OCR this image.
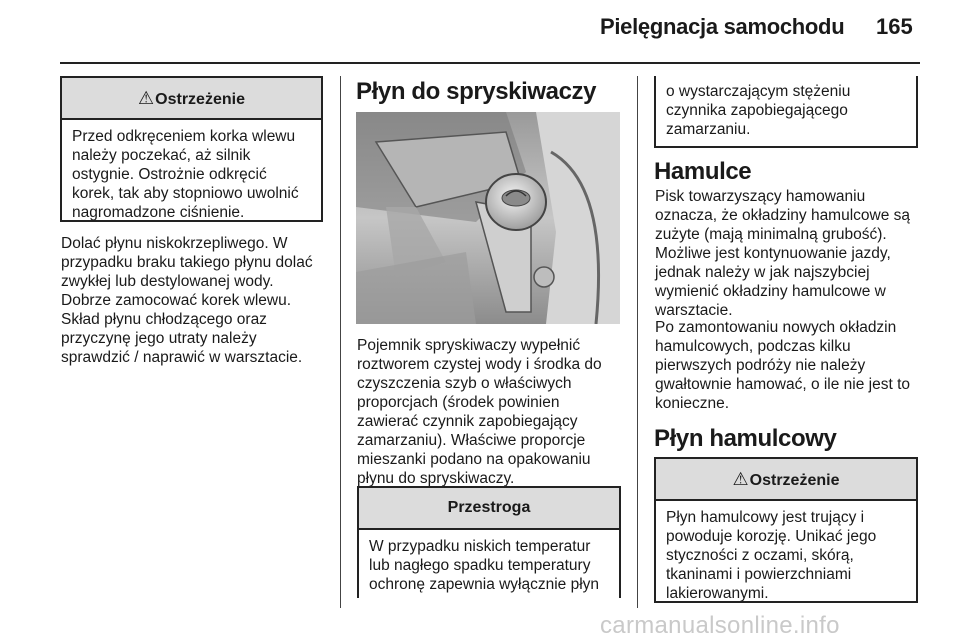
Pielęgnacja samochodu 165
⚠Ostrzeżenie
Przed odkręceniem korka wlewu
należy poczekać, aż silnik
ostygnie. Ostrożnie odkręcić
korek, tak aby stopniowo uwolnić
nagromadzone ciśnienie.
Dolać płynu niskokrzepliwego. W
przypadku braku takiego płynu dolać
zwykłej lub destylowanej wody.
Dobrze zamocować korek wlewu.
Skład płynu chłodzącego oraz
przyczynę jego utraty należy
sprawdzić / naprawić w warsztacie.
Płyn do spryskiwaczy
Pojemnik spryskiwaczy wypełnić
roztworem czystej wody i środka do
czyszczenia szyb o właściwych
proporcjach (środek powinien
zawierać czynnik zapobiegający
zamarzaniu). Właściwe proporcje
mieszanki podano na opakowaniu
płynu do spryskiwaczy.
Przestroga
W przypadku niskich temperatur
lub nagłego spadku temperatury
ochronę zapewnia wyłącznie płyn
o wystarczającym stężeniu
czynnika zapobiegającego
zamarzaniu.
Hamulce
Pisk towarzyszący hamowaniu
oznacza, że okładziny hamulcowe są
zużyte (mają minimalną grubość).
Możliwe jest kontynuowanie jazdy,
jednak należy w jak najszybciej
wymienić okładziny hamulcowe w
warsztacie.
Po zamontowaniu nowych okładzin
hamulcowych, podczas kilku
pierwszych podróży nie należy
gwałtownie hamować, o ile nie jest to
konieczne.
Płyn hamulcowy
⚠Ostrzeżenie
Płyn hamulcowy jest trujący i
powoduje korozję. Unikać jego
styczności z oczami, skórą,
tkaninami i powierzchniami
lakierowanymi.
carmanualsonline.info
